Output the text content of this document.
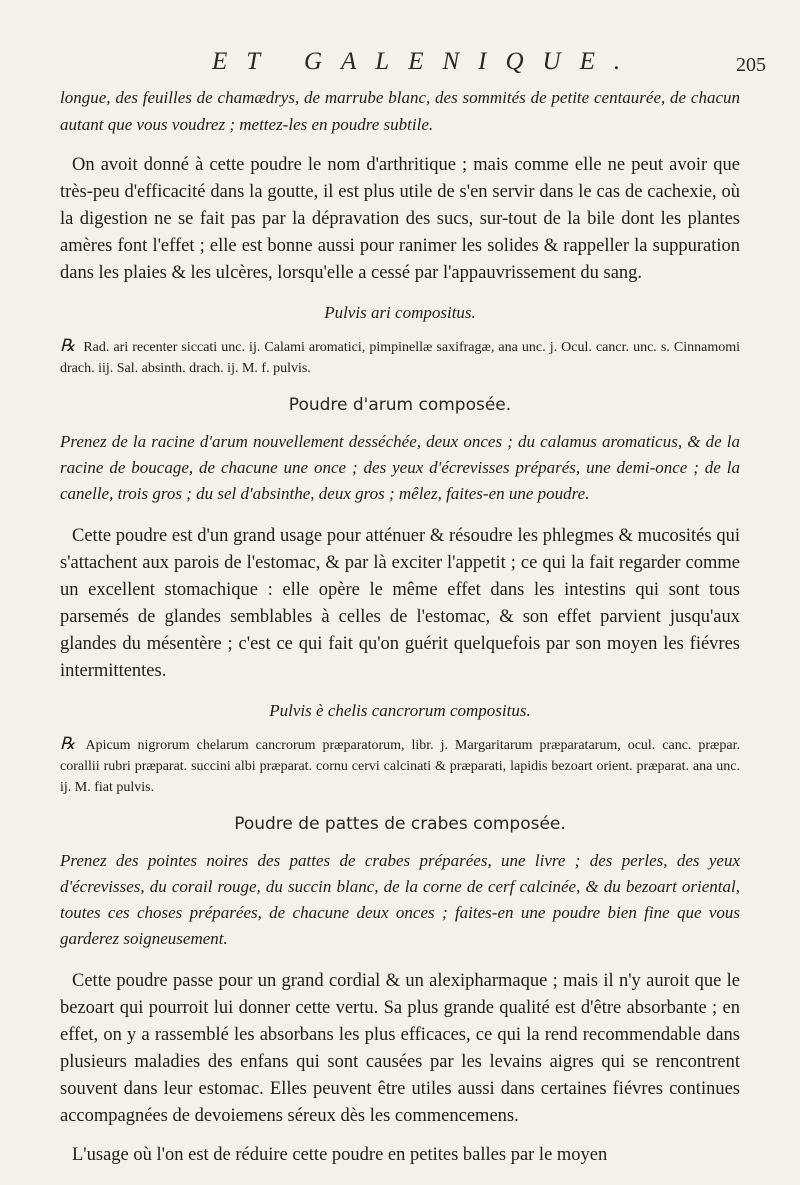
ET GALENIQUE.	205

longue, des feuilles de chamædrys, de marrube blanc, des sommités de petite centaurée, de chacun autant que vous voudrez ; mettez-les en poudre subtile.

On avoit donné à cette poudre le nom d'arthritique ; mais comme elle ne peut avoir que très-peu d'efficacité dans la goutte, il est plus utile de s'en servir dans le cas de cachexie, où la digestion ne se fait pas par la dépravation des sucs, sur-tout de la bile dont les plantes amères font l'effet ; elle est bonne aussi pour ranimer les solides & rappeller la suppuration dans les plaies & les ulcères, lorsqu'elle a cessé par l'appauvrissement du sang.

Pulvis ari compositus.

℞ Rad. ari recenter siccati unc. ij. Calami aromatici, pimpinellæ saxifragæ, ana unc. j. Ocul. cancr. unc. s. Cinnamomi drach. iij. Sal. absinth. drach. ij. M. f. pulvis.

Poudre d'arum composée.

Prenez de la racine d'arum nouvellement desséchée, deux onces ; du calamus aromaticus, & de la racine de boucage, de chacune une once ; des yeux d'écrevisses préparés, une demi-once ; de la canelle, trois gros ; du sel d'absinthe, deux gros ; mêlez, faites-en une poudre.

Cette poudre est d'un grand usage pour atténuer & résoudre les phlegmes & mucosités qui s'attachent aux parois de l'estomac, & par là exciter l'appetit ; ce qui la fait regarder comme un excellent stomachique : elle opère le même effet dans les intestins qui sont tous parsemés de glandes semblables à celles de l'estomac, & son effet parvient jusqu'aux glandes du mésentère ; c'est ce qui fait qu'on guérit quelquefois par son moyen les fiévres intermittentes.

Pulvis è chelis cancrorum compositus.

℞ Apicum nigrorum chelarum cancrorum præparatorum, libr. j. Margaritarum præparatarum, ocul. canc. præpar. corallii rubri præparat. succini albi præparat. cornu cervi calcinati & præparati, lapidis bezoart orient. præparat. ana unc. ij. M. fiat pulvis.

Poudre de pattes de crabes composée.

Prenez des pointes noires des pattes de crabes préparées, une livre ; des perles, des yeux d'écrevisses, du corail rouge, du succin blanc, de la corne de cerf calcinée, & du bezoart oriental, toutes ces choses préparées, de chacune deux onces ; faites-en une poudre bien fine que vous garderez soigneusement.

Cette poudre passe pour un grand cordial & un alexipharmaque ; mais il n'y auroit que le bezoart qui pourroit lui donner cette vertu. Sa plus grande qualité est d'être absorbante ; en effet, on y a rassemblé les absorbans les plus efficaces, ce qui la rend recommendable dans plusieurs maladies des enfans qui sont causées par les levains aigres qui se rencontrent souvent dans leur estomac. Elles peuvent être utiles aussi dans certaines fiévres continues accompagnées de devoiemens séreux dès les commencemens.

L'usage où l'on est de réduire cette poudre en petites balles par le moyen
